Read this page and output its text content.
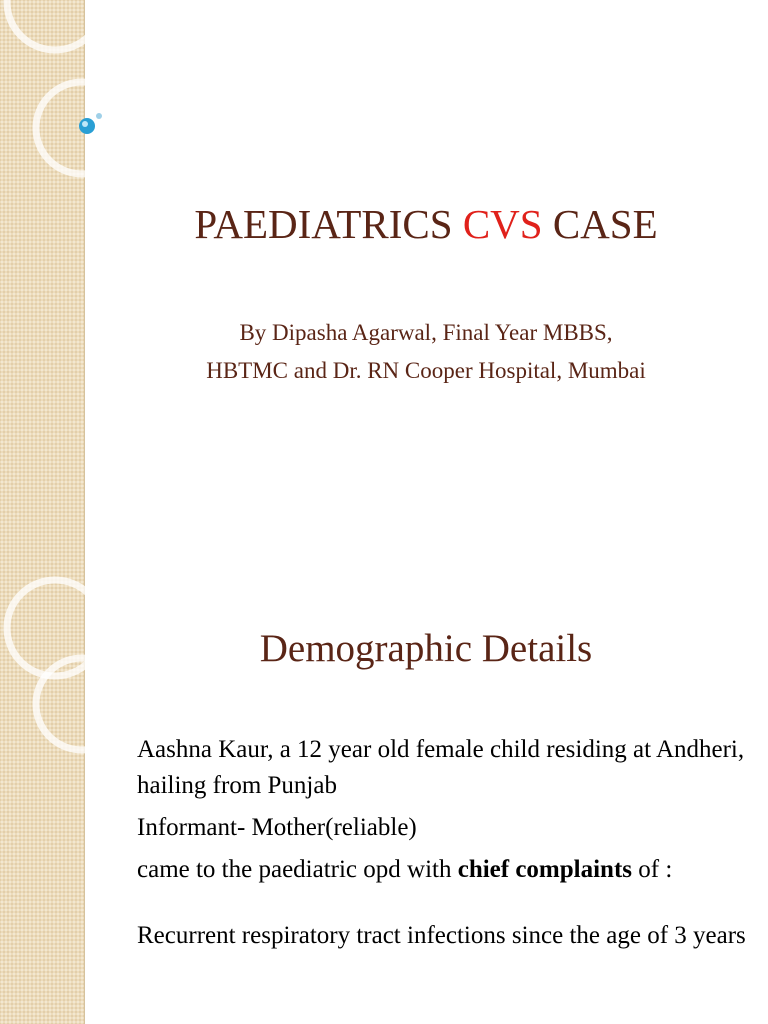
PAEDIATRICS CVS CASE
By Dipasha Agarwal, Final Year MBBS,
HBTMC and Dr. RN Cooper Hospital, Mumbai
Demographic Details

Aashna Kaur, a 12 year old female child residing at Andheri, hailing from Punjab

Informant- Mother(reliable)

came to the paediatric opd with chief complaints of :

Recurrent respiratory tract infections since the age of 3 years
